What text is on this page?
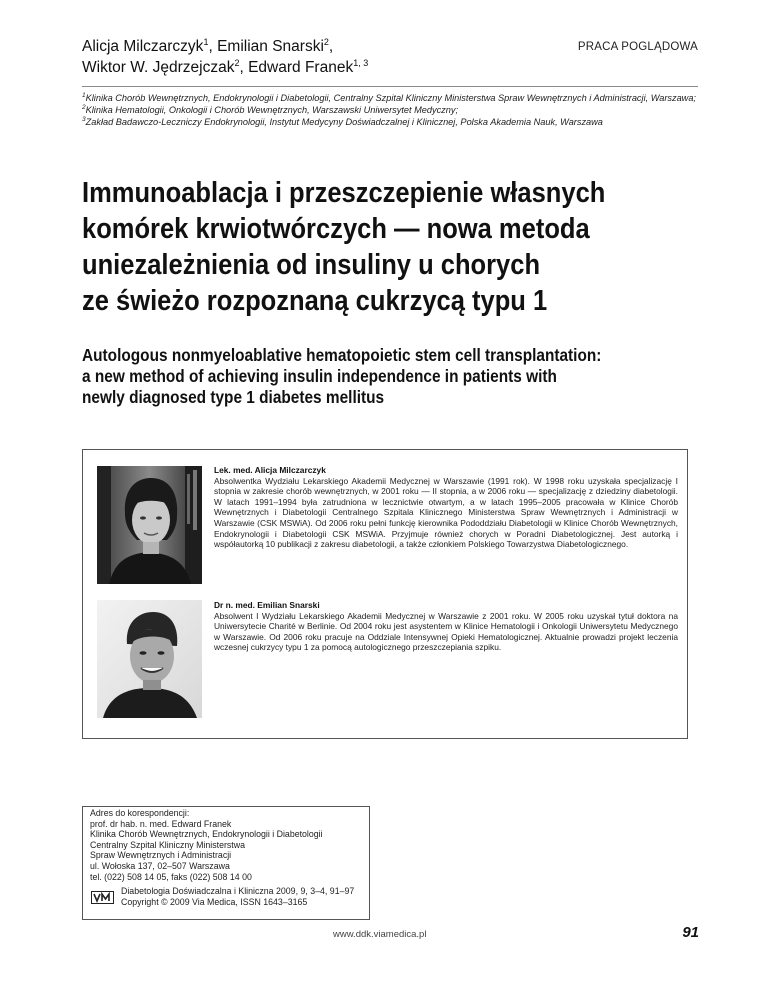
Alicja Milczarczyk$^1$, Emilian Snarski$^2$,
Wiktor W. Jędrzejczak$^2$, Edward Franek$^{1, 3}$
PRACA POGLĄDOWA
$^1$Klinika Chorób Wewnętrznych, Endokrynologii i Diabetologii, Centralny Szpital Kliniczny Ministerstwa Spraw Wewnętrznych i Administracji, Warszawa; $^2$Klinika Hematologii, Onkologii i Chorób Wewnętrznych, Warszawski Uniwersytet Medyczny;
$^3$Zakład Badawczo-Leczniczy Endokrynologii, Instytut Medycyny Doświadczalnej i Klinicznej, Polska Akademia Nauk, Warszawa
Immunoablacja i przeszczepienie własnych
komórek krwiotwórczych — nowa metoda
uniezależnienia od insuliny u chorych
ze świeżo rozpoznaną cukrzycą typu 1
Autologous nonmyeloablative hematopoietic stem cell transplantation:
a new method of achieving insulin independence in patients with
newly diagnosed type 1 diabetes mellitus
Lek. med. Alicja Milczarczyk
Absolwentka Wydziału Lekarskiego Akademii Medycznej w Warszawie (1991 rok). W 1998 roku uzyskała specjalizację I stopnia w zakresie chorób wewnętrznych, w 2001 roku — II stopnia, a w 2006 roku — specjalizację z dziedziny diabetologii. W latach 1991–1994 była zatrudniona w lecznictwie otwartym, a w latach 1995–2005 pracowała w Klinice Chorób Wewnętrznych i Diabetologii Centralnego Szpitala Klinicznego Ministerstwa Spraw Wewnętrznych i Administracji w Warszawie (CSK MSWiA). Od 2006 roku pełni funkcję kierownika Pododdziału Diabetologii w Klinice Chorób Wewnętrznych, Endokrynologii i Diabetologii CSK MSWiA. Przyjmuje również chorych w Poradni Diabetologicznej. Jest autorką i współautorką 10 publikacji z zakresu diabetologii, a także członkiem Polskiego Towarzystwa Diabetologicznego.
Dr n. med. Emilian Snarski
Absolwent I Wydziału Lekarskiego Akademii Medycznej w Warszawie z 2001 roku. W 2005 roku uzyskał tytuł doktora na Uniwersytecie Charité w Berlinie. Od 2004 roku jest asystentem w Klinice Hematologii i Onkologii Uniwersytetu Medycznego w Warszawie. Od 2006 roku pracuje na Oddziale Intensywnej Opieki Hematologicznej. Aktualnie prowadzi projekt leczenia wczesnej cukrzycy typu 1 za pomocą autologicznego przeszczepiania szpiku.
Adres do korespondencji:
prof. dr hab. n. med. Edward Franek
Klinika Chorób Wewnętrznych, Endokrynologii i Diabetologii
Centralny Szpital Kliniczny Ministerstwa
Spraw Wewnętrznych i Administracji
ul. Wołoska 137, 02–507 Warszawa
tel. (022) 508 14 05, faks (022) 508 14 00
Diabetologia Doświadczalna i Kliniczna 2009, 9, 3–4, 91–97
Copyright © 2009 Via Medica, ISSN 1643–3165
www.ddk.viamedica.pl	91
